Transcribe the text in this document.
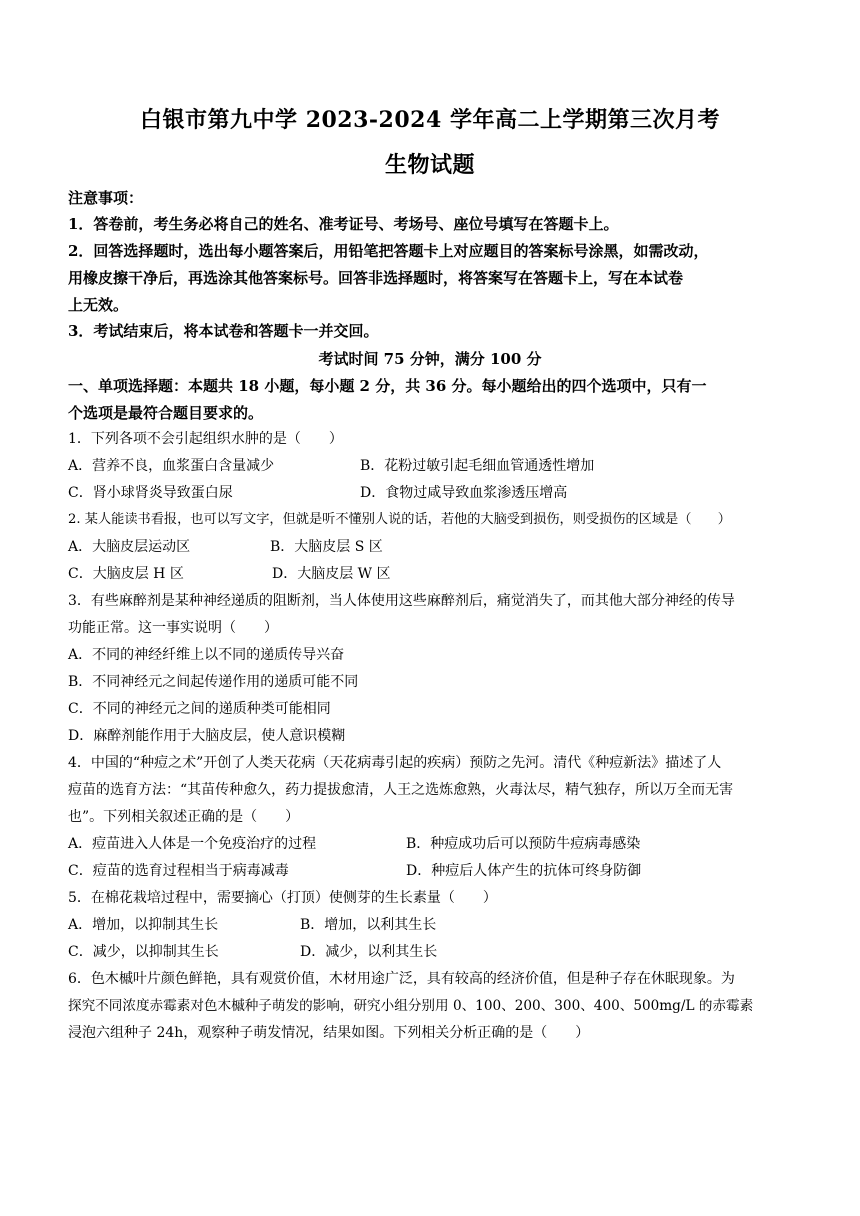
白银市第九中学 2023-2024 学年高二上学期第三次月考
生物试题
注意事项：
1．答卷前，考生务必将自己的姓名、准考证号、考场号、座位号填写在答题卡上。
2．回答选择题时，选出每小题答案后，用铅笔把答题卡上对应题目的答案标号涂黑，如需改动，
用橡皮擦干净后，再选涂其他答案标号。回答非选择题时，将答案写在答题卡上，写在本试卷
上无效。
3．考试结束后，将本试卷和答题卡一并交回。
考试时间 75 分钟，满分 100 分
一、单项选择题：本题共 18 小题，每小题 2 分，共 36 分。每小题给出的四个选项中，只有一
个选项是最符合题目要求的。
1．下列各项不会引起组织水肿的是（　　）
A．营养不良，血浆蛋白含量减少	B．花粉过敏引起毛细血管通透性增加
C．肾小球肾炎导致蛋白尿	D．食物过咸导致血浆渗透压增高
2. 某人能读书看报，也可以写文字，但就是听不懂别人说的话，若他的大脑受到损伤，则受损伤的区域是（　　）
A．大脑皮层运动区	B．大脑皮层 S 区
C．大脑皮层 H 区	D．大脑皮层 W 区
3．有些麻醉剂是某种神经递质的阻断剂，当人体使用这些麻醉剂后，痛觉消失了，而其他大部分神经的传导
功能正常。这一事实说明（　　）
A．不同的神经纤维上以不同的递质传导兴奋
B．不同神经元之间起传递作用的递质可能不同
C．不同的神经元之间的递质种类可能相同
D．麻醉剂能作用于大脑皮层，使人意识模糊
4．中国的“种痘之术”开创了人类天花病（天花病毒引起的疾病）预防之先河。清代《种痘新法》描述了人
痘苗的选育方法：“其苗传种愈久，药力提拔愈清，人王之选炼愈熟，火毒汰尽，精气独存，所以万全而无害
也”。下列相关叙述正确的是（　　）
A．痘苗进入人体是一个免疫治疗的过程	B．种痘成功后可以预防牛痘病毒感染
C．痘苗的选育过程相当于病毒减毒	D．种痘后人体产生的抗体可终身防御
5．在棉花栽培过程中，需要摘心（打顶）使侧芽的生长素量（　　）
A．增加，以抑制其生长	B．增加，以利其生长
C．减少，以抑制其生长	D．减少，以利其生长
6．色木槭叶片颜色鲜艳，具有观赏价值，木材用途广泛，具有较高的经济价值，但是种子存在休眠现象。为
探究不同浓度赤霉素对色木槭种子萌发的影响，研究小组分别用 0、100、200、300、400、500mg/L 的赤霉素
浸泡六组种子 24h，观察种子萌发情况，结果如图。下列相关分析正确的是（　　）
